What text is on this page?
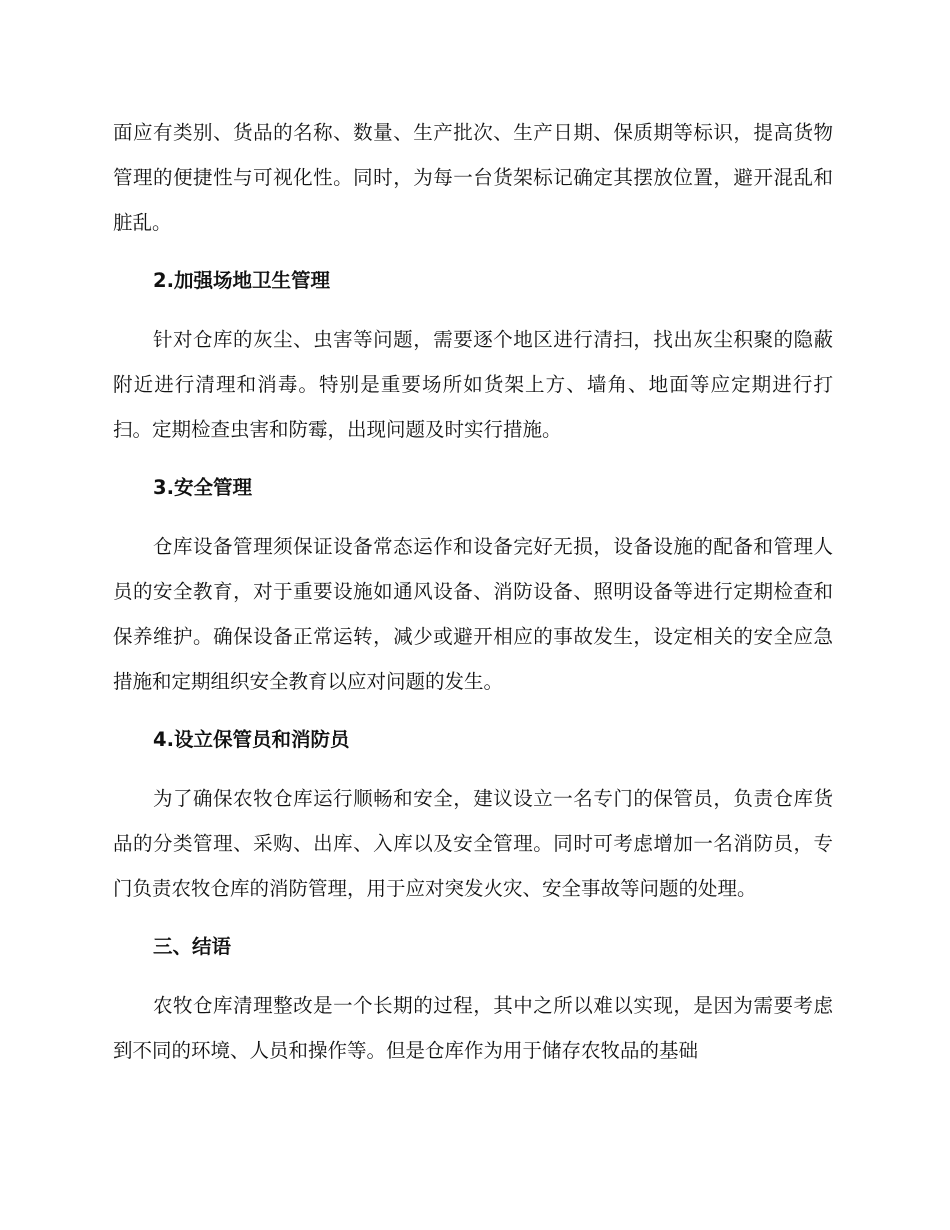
面应有类别、货品的名称、数量、生产批次、生产日期、保质期等标识，提高货物管理的便捷性与可视化性。同时，为每一台货架标记确定其摆放位置，避开混乱和脏乱。

2.加强场地卫生管理

针对仓库的灰尘、虫害等问题，需要逐个地区进行清扫，找出灰尘积聚的隐蔽附近进行清理和消毒。特别是重要场所如货架上方、墙角、地面等应定期进行打扫。定期检查虫害和防霉，出现问题及时实行措施。

3.安全管理

仓库设备管理须保证设备常态运作和设备完好无损，设备设施的配备和管理人员的安全教育，对于重要设施如通风设备、消防设备、照明设备等进行定期检查和保养维护。确保设备正常运转，减少或避开相应的事故发生，设定相关的安全应急措施和定期组织安全教育以应对问题的发生。

4.设立保管员和消防员

为了确保农牧仓库运行顺畅和安全，建议设立一名专门的保管员，负责仓库货品的分类管理、采购、出库、入库以及安全管理。同时可考虑增加一名消防员，专门负责农牧仓库的消防管理，用于应对突发火灾、安全事故等问题的处理。

三、结语

农牧仓库清理整改是一个长期的过程，其中之所以难以实现，是因为需要考虑到不同的环境、人员和操作等。但是仓库作为用于储存农牧品的基础
